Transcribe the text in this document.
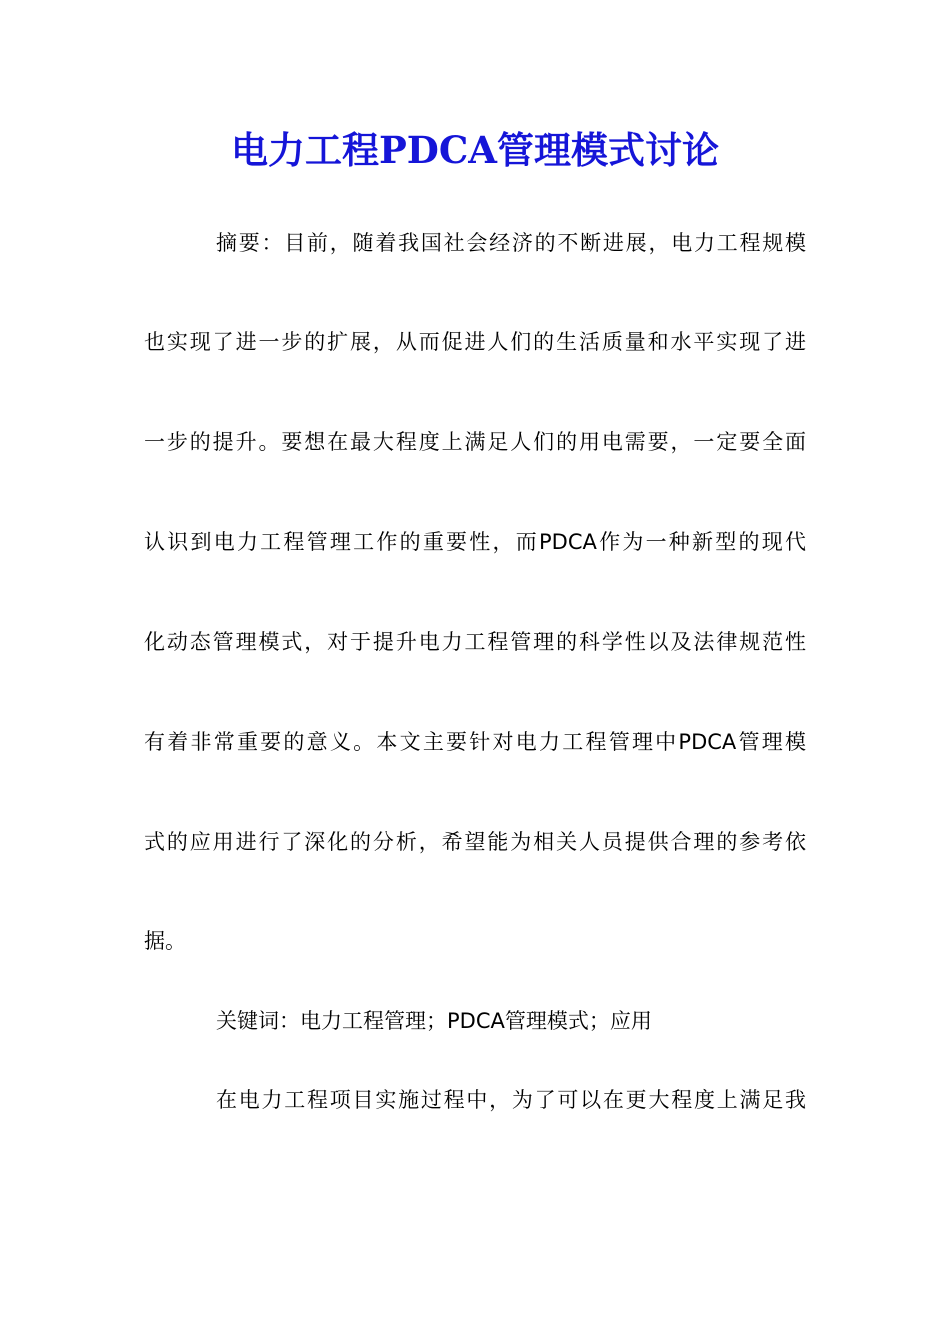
电力工程PDCA管理模式讨论

摘要：目前，随着我国社会经济的不断进展，电力工程规模

也实现了进一步的扩展，从而促进人们的生活质量和水平实现了进

一步的提升。要想在最大程度上满足人们的用电需要，一定要全面

认识到电力工程管理工作的重要性，而PDCA作为一种新型的现代

化动态管理模式，对于提升电力工程管理的科学性以及法律规范性

有着非常重要的意义。本文主要针对电力工程管理中PDCA管理模

式的应用进行了深化的分析，希望能为相关人员提供合理的参考依

据。

关键词：电力工程管理；PDCA管理模式；应用

在电力工程项目实施过程中，为了可以在更大程度上满足我
